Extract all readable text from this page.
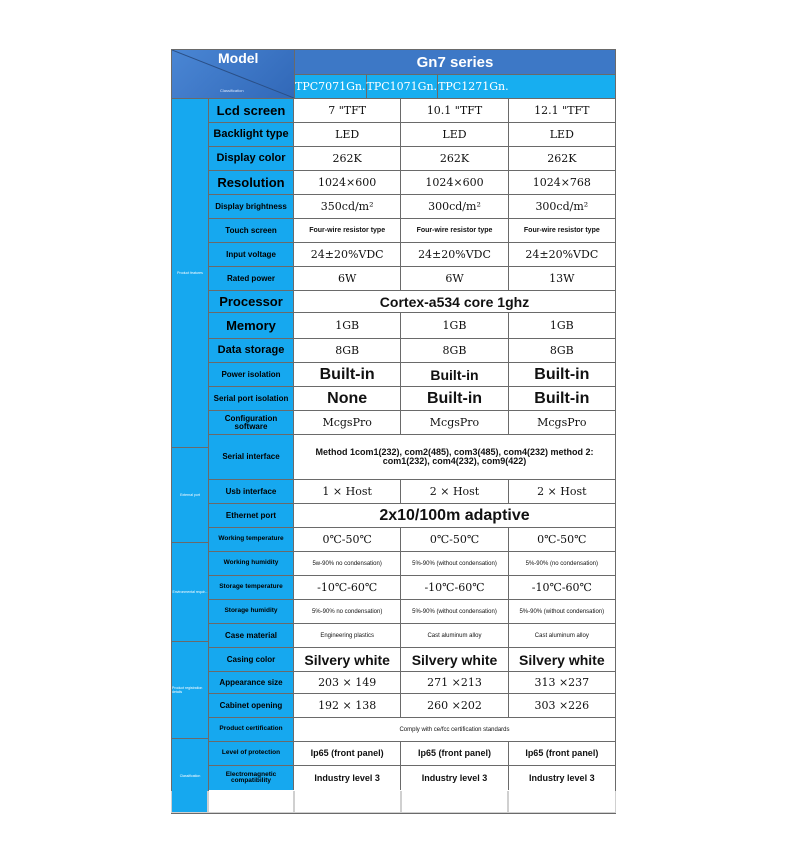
Model
Classification
Gn7 series
TPC7071Gn. TPC1071Gn. TPC1271Gn.
Product features
External port
Environmental requir...
Product registration details
Classification
Lcd screen	7 "TFT	10.1 "TFT	12.1 "TFT
Backlight type	LED	LED	LED
Display color	262K	262K	262K
Resolution	1024×600	1024×600	1024×768
Display brightness	350cd/m²	300cd/m²	300cd/m²
Touch screen	Four-wire resistor type	Four-wire resistor type	Four-wire resistor type
Input voltage	24±20%VDC	24±20%VDC	24±20%VDC
Rated power	6W	6W	13W
Processor	Cortex-a534 core 1ghz
Memory	1GB	1GB	1GB
Data storage	8GB	8GB	8GB
Power isolation	Built-in	Built-in	Built-in
Serial port isolation	None	Built-in	Built-in
Configuration software	McgsPro	McgsPro	McgsPro
Serial interface	Method 1com1(232), com2(485), com3(485), com4(232) method 2: com1(232), com4(232), com9(422)
Usb interface	1 × Host	2 × Host	2 × Host
Ethernet port	2x10/100m adaptive
Working temperature	0℃-50℃	0℃-50℃	0℃-50℃
Working humidity	5w-90% no condensation)	5%-90% (without condensation)	5%-90% (no condensation)
Storage temperature	-10℃-60℃	-10℃-60℃	-10℃-60℃
Storage humidity	5%-90% no condensation)	5%-90% (without condensation)	5%-90% (without condensation)
Case material	Engineering plastics	Cast aluminum alloy	Cast aluminum alloy
Casing color	Silvery white	Silvery white	Silvery white
Appearance size	203 × 149	271 ×213	313 ×237
Cabinet opening	192 × 138	260 ×202	303 ×226
Product certification	Comply with ce/fcc certification standards
Level of protection	Ip65 (front panel)	Ip65 (front panel)	Ip65 (front panel)
Electromagnetic compatibility	Industry level 3	Industry level 3	Industry level 3
